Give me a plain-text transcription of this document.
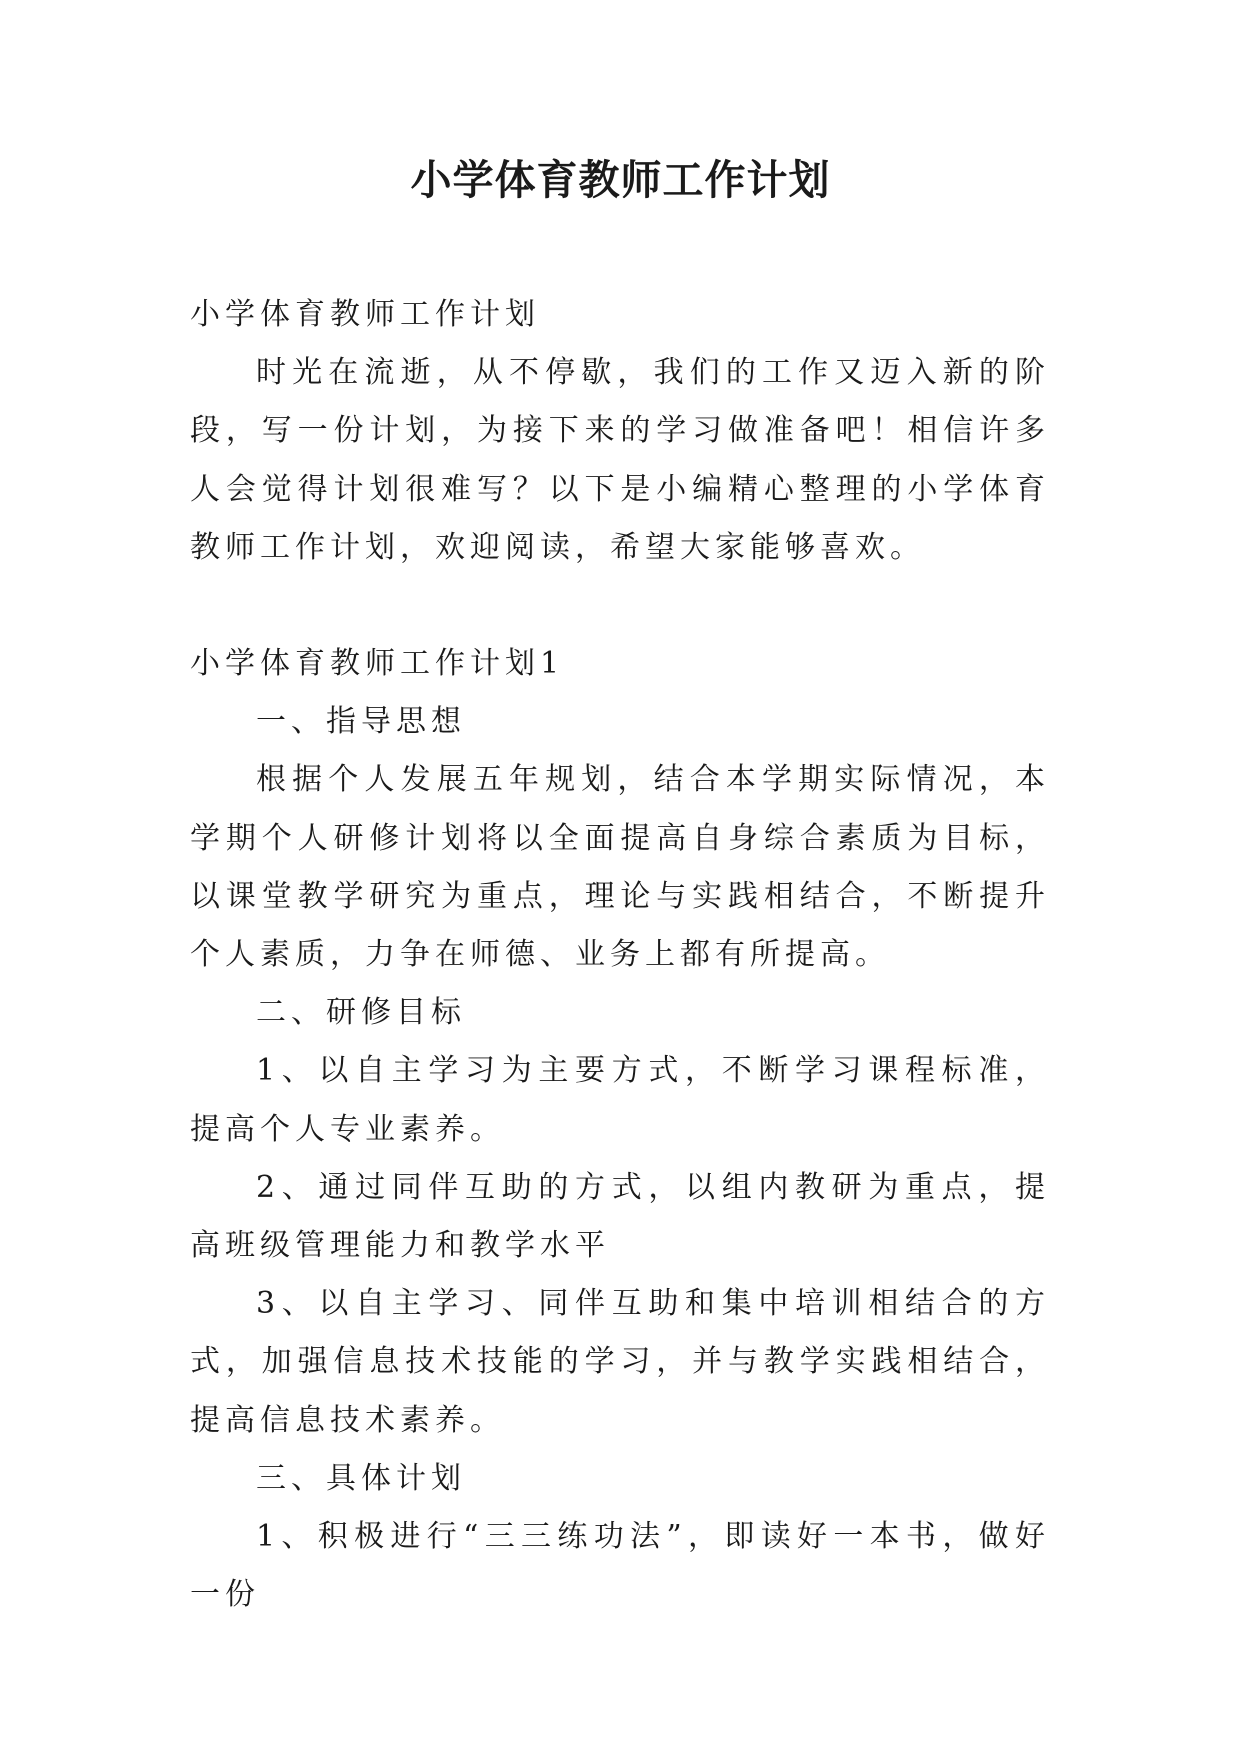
小学体育教师工作计划

小学体育教师工作计划

时光在流逝，从不停歇，我们的工作又迈入新的阶段，写一份计划，为接下来的学习做准备吧！相信许多人会觉得计划很难写？以下是小编精心整理的小学体育教师工作计划，欢迎阅读，希望大家能够喜欢。

小学体育教师工作计划1

一、指导思想

根据个人发展五年规划，结合本学期实际情况，本学期个人研修计划将以全面提高自身综合素质为目标，以课堂教学研究为重点，理论与实践相结合，不断提升个人素质，力争在师德、业务上都有所提高。

二、研修目标

1、以自主学习为主要方式，不断学习课程标准，提高个人专业素养。

2、通过同伴互助的方式，以组内教研为重点，提高班级管理能力和教学水平

3、以自主学习、同伴互助和集中培训相结合的方式，加强信息技术技能的学习，并与教学实践相结合，提高信息技术素养。

三、具体计划

1、积极进行“三三练功法”，即读好一本书，做好一份
